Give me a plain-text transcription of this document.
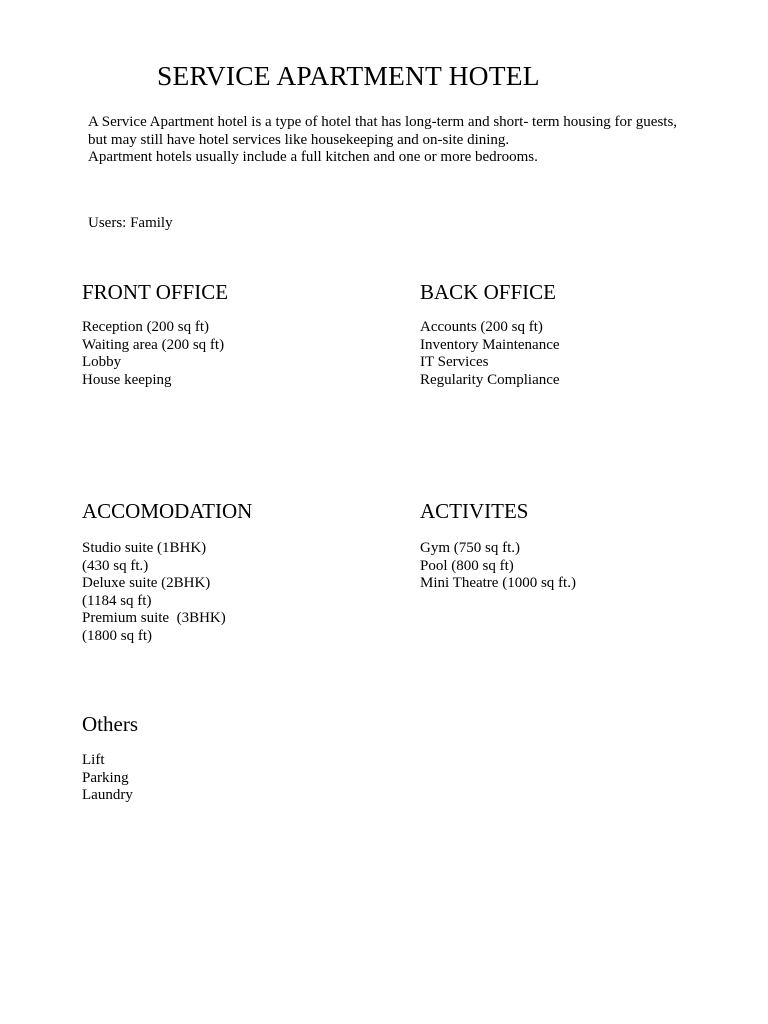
SERVICE APARTMENT HOTEL
A Service Apartment hotel is a type of hotel that has long-term and short- term housing for guests,
but may still have hotel services like housekeeping and on-site dining.
Apartment hotels usually include a full kitchen and one or more bedrooms.
Users: Family
FRONT OFFICE
Reception (200 sq ft)
Waiting area (200 sq ft)
Lobby
House keeping
BACK OFFICE
Accounts (200 sq ft)
Inventory Maintenance
IT Services
Regularity Compliance
ACCOMODATION
Studio suite (1BHK)
(430 sq ft.)
Deluxe suite (2BHK)
(1184 sq ft)
Premium suite  (3BHK)
(1800 sq ft)
ACTIVITES
Gym (750 sq ft.)
Pool (800 sq ft)
Mini Theatre (1000 sq ft.)
Others
Lift
Parking
Laundry
